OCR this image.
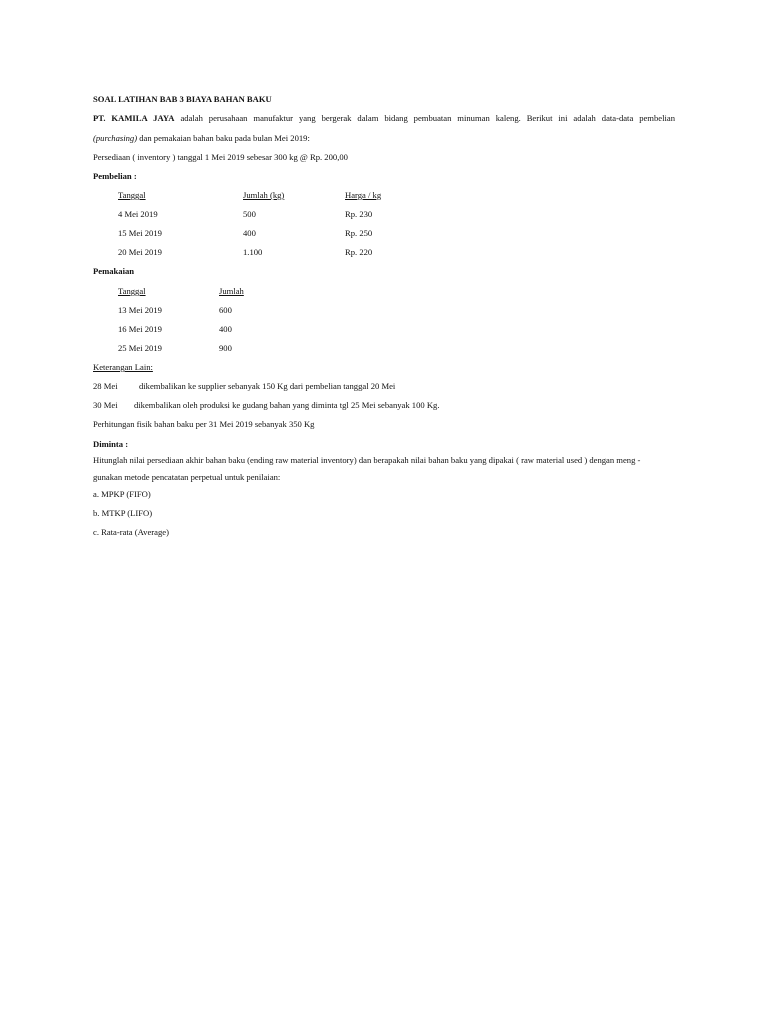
SOAL LATIHAN BAB 3 BIAYA BAHAN BAKU
PT. KAMILA JAYA adalah perusahaan manufaktur yang bergerak dalam bidang pembuatan minuman kaleng. Berikut ini adalah data-data pembelian
(purchasing) dan pemakaian bahan baku pada bulan Mei 2019:
Persediaan ( inventory ) tanggal 1 Mei 2019 sebesar 300 kg @ Rp. 200,00
Pembelian :
Tanggal	Jumlah (kg)	Harga / kg
4 Mei 2019	500	Rp. 230
15 Mei 2019	400	Rp. 250
20 Mei 2019	1.100	Rp. 220
Pemakaian
Tanggal	Jumlah
13 Mei 2019	600
16 Mei 2019	400
25 Mei 2019	900
Keterangan Lain:
28 Mei dikembalikan ke supplier sebanyak 150 Kg dari pembelian tanggal 20 Mei
30 Mei dikembalikan oleh produksi ke gudang bahan yang diminta tgl 25 Mei sebanyak 100 Kg.
Perhitungan fisik bahan baku per 31 Mei 2019 sebanyak 350 Kg
Diminta :
Hitunglah nilai persediaan akhir bahan baku (ending raw material inventory) dan berapakah nilai bahan baku yang dipakai ( raw material used ) dengan meng -
gunakan metode pencatatan perpetual untuk penilaian:
a. MPKP (FIFO)
b. MTKP (LIFO)
c. Rata-rata (Average)
